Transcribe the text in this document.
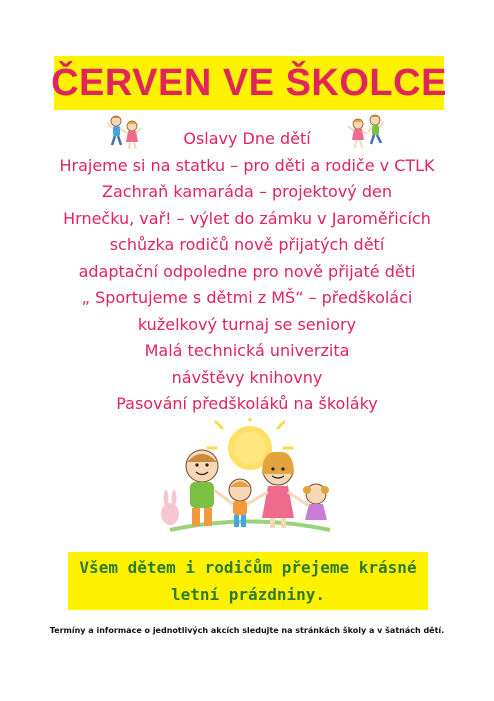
ČERVEN VE ŠKOLCE
Oslavy Dne dětí
Hrajeme si na statku – pro děti a rodiče v CTLK
Zachraň kamaráda – projektový den
Hrnečku, vař! – výlet do zámku v Jaroměřicích
schůzka rodičů nově přijatých dětí
adaptační odpoledne pro nově přijaté děti
„ Sportujeme s dětmi z MŠ“ – předškoláci
kuželkový turnaj se seniory
Malá technická univerzita
návštěvy knihovny
Pasování předškoláků na školáky
Všem dětem i rodičům přejeme krásné
letní prázdniny.
Termíny a informace o jednotlivých akcích sledujte na stránkách školy a v šatnách dětí.
